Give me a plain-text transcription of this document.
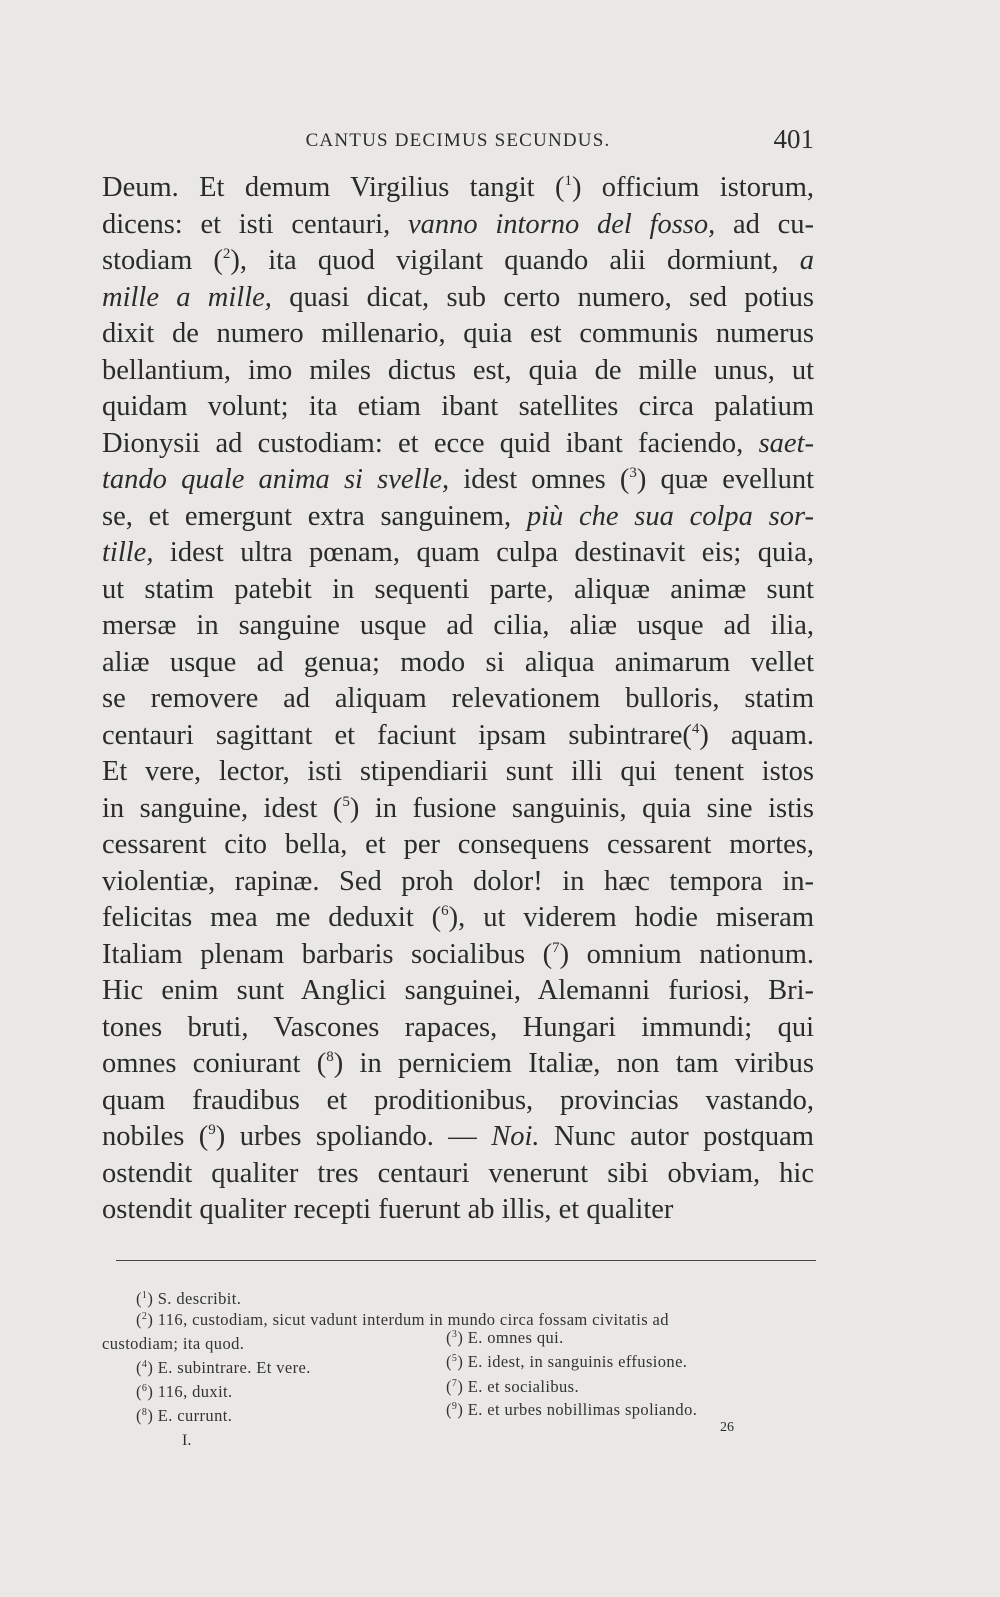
CANTUS DECIMUS SECUNDUS.	401
Deum. Et demum Virgilius tangit ($^1$) officium istorum,
dicens: et isti centauri, vanno intorno del fosso, ad cu-
stodiam ($^2$), ita quod vigilant quando alii dormiunt, a
mille a mille, quasi dicat, sub certo numero, sed potius
dixit de numero millenario, quia est communis numerus
bellantium, imo miles dictus est, quia de mille unus, ut
quidam volunt; ita etiam ibant satellites circa palatium
Dionysii ad custodiam: et ecce quid ibant faciendo, saet-
tando quale anima si svelle, idest omnes ($^3$) quæ evellunt
se, et emergunt extra sanguinem, più che sua colpa sor-
tille, idest ultra pœnam, quam culpa destinavit eis; quia,
ut statim patebit in sequenti parte, aliquæ animæ sunt
mersæ in sanguine usque ad cilia, aliæ usque ad ilia,
aliæ usque ad genua; modo si aliqua animarum vellet
se removere ad aliquam relevationem bulloris, statim
centauri sagittant et faciunt ipsam subintrare($^4$) aquam.
Et vere, lector, isti stipendiarii sunt illi qui tenent istos
in sanguine, idest ($^5$) in fusione sanguinis, quia sine istis
cessarent cito bella, et per consequens cessarent mortes,
violentiæ, rapinæ. Sed proh dolor! in hæc tempora in-
felicitas mea me deduxit ($^6$), ut viderem hodie miseram
Italiam plenam barbaris socialibus ($^7$) omnium nationum.
Hic enim sunt Anglici sanguinei, Alemanni furiosi, Bri-
tones bruti, Vascones rapaces, Hungari immundi; qui
omnes coniurant ($^8$) in perniciem Italiæ, non tam viribus
quam fraudibus et proditionibus, provincias vastando,
nobiles ($^9$) urbes spoliando. — Noi. Nunc autor postquam
ostendit qualiter tres centauri venerunt sibi obviam, hic
ostendit qualiter recepti fuerunt ab illis, et qualiter
($^1$) S. describit.
($^2$) 116, custodiam, sicut vadunt interdum in mundo circa fossam civitatis ad
custodiam; ita quod.	($^3$) E. omnes qui.
($^4$) E. subintrare. Et vere.	($^5$) E. idest, in sanguinis effusione.
($^6$) 116, duxit.	($^7$) E. et socialibus.
($^8$) E. currunt.	($^9$) E. et urbes nobillimas spoliando.
I.
26
